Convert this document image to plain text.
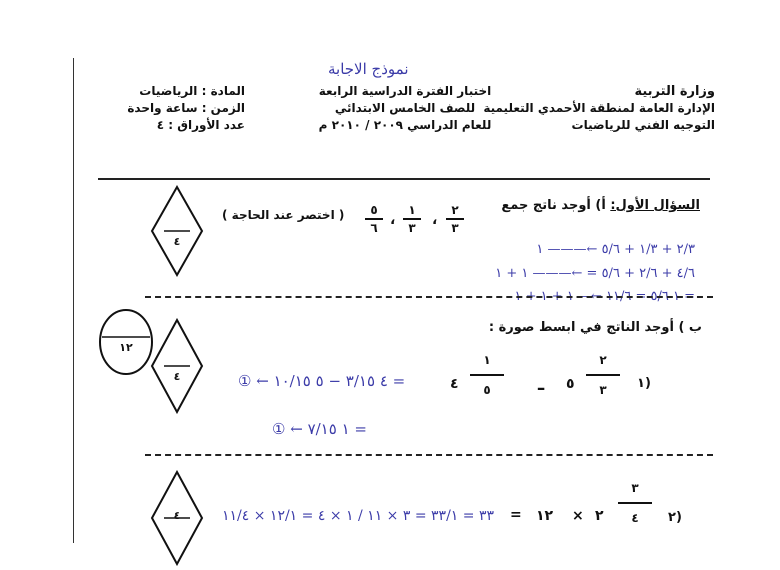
نموذج الاجابة
وزارة التربية
الإدارة العامة لمنطقة الأحمدي التعليمية
التوجيه الفني للرياضيات
اختبار الفترة الدراسية الرابعة
للصف الخامس الابتدائي
للعام الدراسي ٢٠٠٩ / ٢٠١٠ م
المادة : الرياضيات
الزمن : ساعة واحدة
عدد الأوراق : ٤
السؤال الأول: أ) أوجد ناتج جمع
٢
٣
،
١
٣
،
٥
٦
( اختصر عند الحاجة )
٤
٢/٣ + ١/٣ + ٥/٦ ←——— ١
٤/٦ + ٢/٦ + ٥/٦ = ←——— ١ + ١
= ١ ٥/٦ = ١١/٦ ←— ١ + ١ + ١
ب ) أوجد الناتج في ابسط صورة :
١٢
٤	١)
٢
٣
٥
ـ
١
٥
٤
① ← ٤ ٣/١٥ − ٥ ١٠/١٥ =
① ← ١ ٧/١٥ =
٤	٢)
٣
٤
٢
×
١٢
=
٣٣ = ٣٣/١ = ٣ × ١١ / ١ × ٤ = ١٢/١ × ١١/٤
